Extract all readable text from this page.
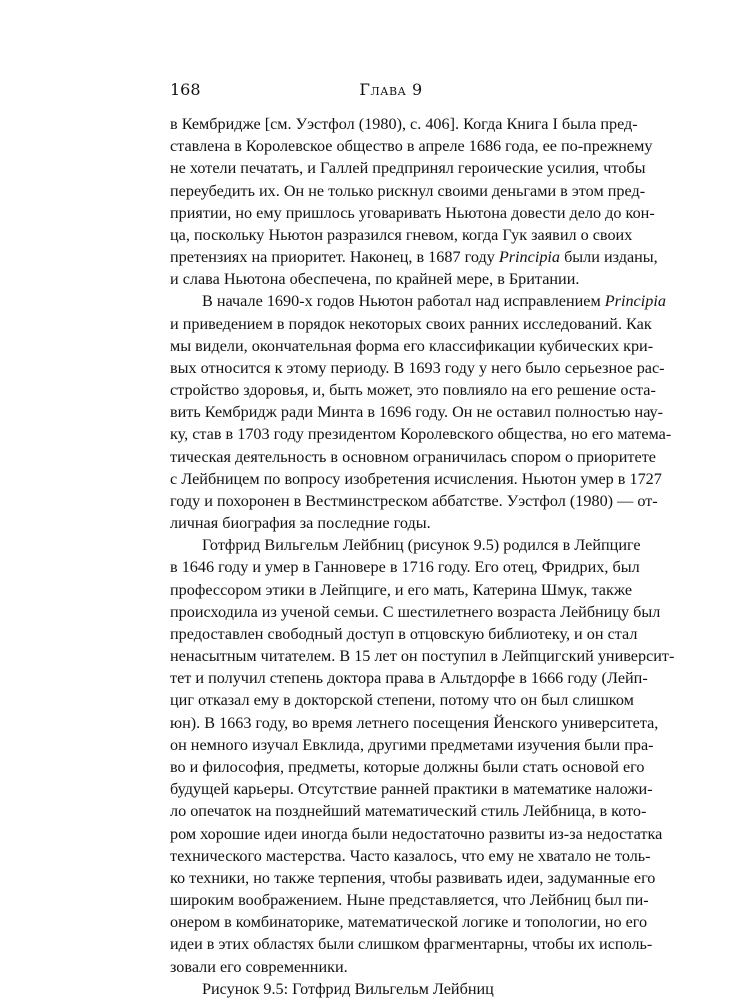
168	Глава 9
в Кембридже [см. Уэстфол (1980), с. 406]. Когда Книга I была пред-
ставлена в Королевское общество в апреле 1686 года, ее по-прежнему
не хотели печатать, и Галлей предпринял героические усилия, чтобы
переубедить их. Он не только рискнул своими деньгами в этом пред-
приятии, но ему пришлось уговаривать Ньютона довести дело до кон-
ца, поскольку Ньютон разразился гневом, когда Гук заявил о своих
претензиях на приоритет. Наконец, в 1687 году Principia были изданы,
и слава Ньютона обеспечена, по крайней мере, в Британии.
В начале 1690-х годов Ньютон работал над исправлением Principia
и приведением в порядок некоторых своих ранних исследований. Как
мы видели, окончательная форма его классификации кубических кри-
вых относится к этому периоду. В 1693 году у него было серьезное рас-
стройство здоровья, и, быть может, это повлияло на его решение оста-
вить Кембридж ради Минта в 1696 году. Он не оставил полностью нау-
ку, став в 1703 году президентом Королевского общества, но его матема-
тическая деятельность в основном ограничилась спором о приоритете
с Лейбницем по вопросу изобретения исчисления. Ньютон умер в 1727
году и похоронен в Вестминстреском аббатстве. Уэстфол (1980) — от-
личная биография за последние годы.
Готфрид Вильгельм Лейбниц (рисунок 9.5) родился в Лейпциге
в 1646 году и умер в Ганновере в 1716 году. Его отец, Фридрих, был
профессором этики в Лейпциге, и его мать, Катерина Шмук, также
происходила из ученой семьи. С шестилетнего возраста Лейбницу был
предоставлен свободный доступ в отцовскую библиотеку, и он стал
ненасытным читателем. В 15 лет он поступил в Лейпцигский университ-
тет и получил степень доктора права в Альтдорфе в 1666 году (Лейп-
циг отказал ему в докторской степени, потому что он был слишком
юн). В 1663 году, во время летнего посещения Йенского университета,
он немного изучал Евклида, другими предметами изучения были пра-
во и философия, предметы, которые должны были стать основой его
будущей карьеры. Отсутствие ранней практики в математике наложи-
ло опечаток на позднейший математический стиль Лейбница, в кото-
ром хорошие идеи иногда были недостаточно развиты из-за недостатка
технического мастерства. Часто казалось, что ему не хватало не толь-
ко техники, но также терпения, чтобы развивать идеи, задуманные его
широким воображением. Ныне представляется, что Лейбниц был пи-
онером в комбинаторике, математической логике и топологии, но его
идеи в этих областях были слишком фрагментарны, чтобы их исполь-
зовали его современники.
Рисунок 9.5: Готфрид Вильгельм Лейбниц
